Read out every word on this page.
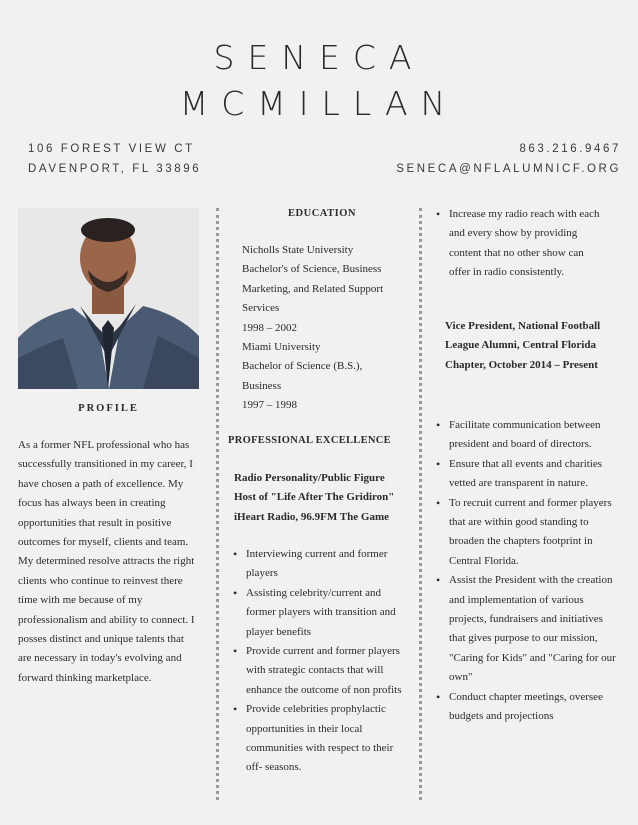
SENECA
MCMILLAN
106 FOREST VIEW CT
DAVENPORT, FL 33896
863.216.9467
SENECA@NFLALUMNICF.ORG
PROFILE
As a former NFL professional who has successfully transitioned in my career, I have chosen a path of excellence. My focus has always been in creating opportunities that result in positive outcomes for myself, clients and team. My determined resolve attracts the right clients who continue to reinvest there time with me because of my professionalism and ability to connect. I posses distinct and unique talents that are necessary in today's evolving and forward thinking marketplace.
EDUCATION
Nicholls State University
Bachelor's of Science, Business Marketing, and Related Support Services
1998 – 2002
Miami University
Bachelor of Science (B.S.), Business
1997 – 1998
PROFESSIONAL EXCELLENCE
Radio Personality/Public Figure Host of "Life After The Gridiron" iHeart Radio, 96.9FM The Game
• Interviewing current and former players
• Assisting celebrity/current and former players with transition and player benefits
• Provide current and former players with strategic contacts that will enhance the outcome of non profits
• Provide celebrities prophylactic opportunities in their local communities with respect to their off- seasons.
• Increase my radio reach with each and every show by providing content that no other show can offer in radio consistently.
Vice President, National Football League Alumni, Central Florida Chapter, October 2014 – Present
• Facilitate communication between president and board of directors.
• Ensure that all events and charities vetted are transparent in nature.
• To recruit current and former players that are within good standing to broaden the chapters footprint in Central Florida.
• Assist the President with the creation and implementation of various projects, fundraisers and initiatives that gives purpose to our mission, "Caring for Kids" and "Caring for our own"
• Conduct chapter meetings, oversee budgets and projections
